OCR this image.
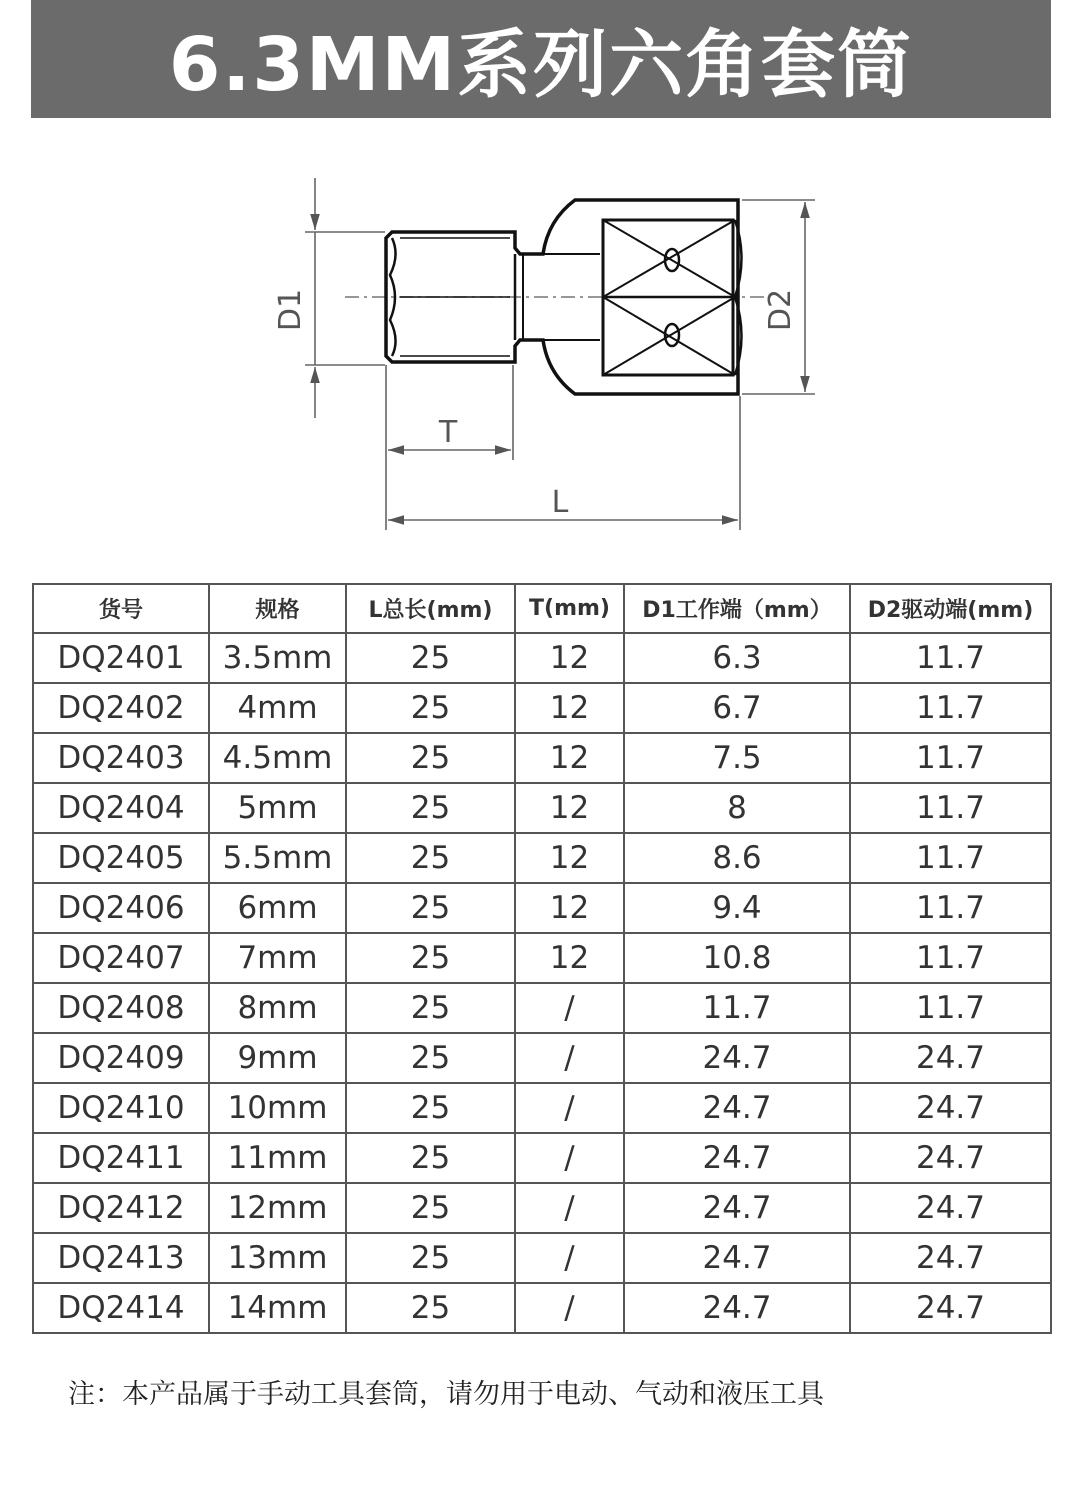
6.3MM系列六角套筒
D1	D2
T
L
货号	规格	L总长(mm)	T(mm)	D1工作端（mm）	D2驱动端(mm)
DQ2401	3.5mm	25	12	6.3	11.7
DQ2402	4mm	25	12	6.7	11.7
DQ2403	4.5mm	25	12	7.5	11.7
DQ2404	5mm	25	12	8	11.7
DQ2405	5.5mm	25	12	8.6	11.7
DQ2406	6mm	25	12	9.4	11.7
DQ2407	7mm	25	12	10.8	11.7
DQ2408	8mm	25	/	11.7	11.7
DQ2409	9mm	25	/	24.7	24.7
DQ2410	10mm	25	/	24.7	24.7
DQ2411	11mm	25	/	24.7	24.7
DQ2412	12mm	25	/	24.7	24.7
DQ2413	13mm	25	/	24.7	24.7
DQ2414	14mm	25	/	24.7	24.7
注：本产品属于手动工具套筒，请勿用于电动、气动和液压工具
